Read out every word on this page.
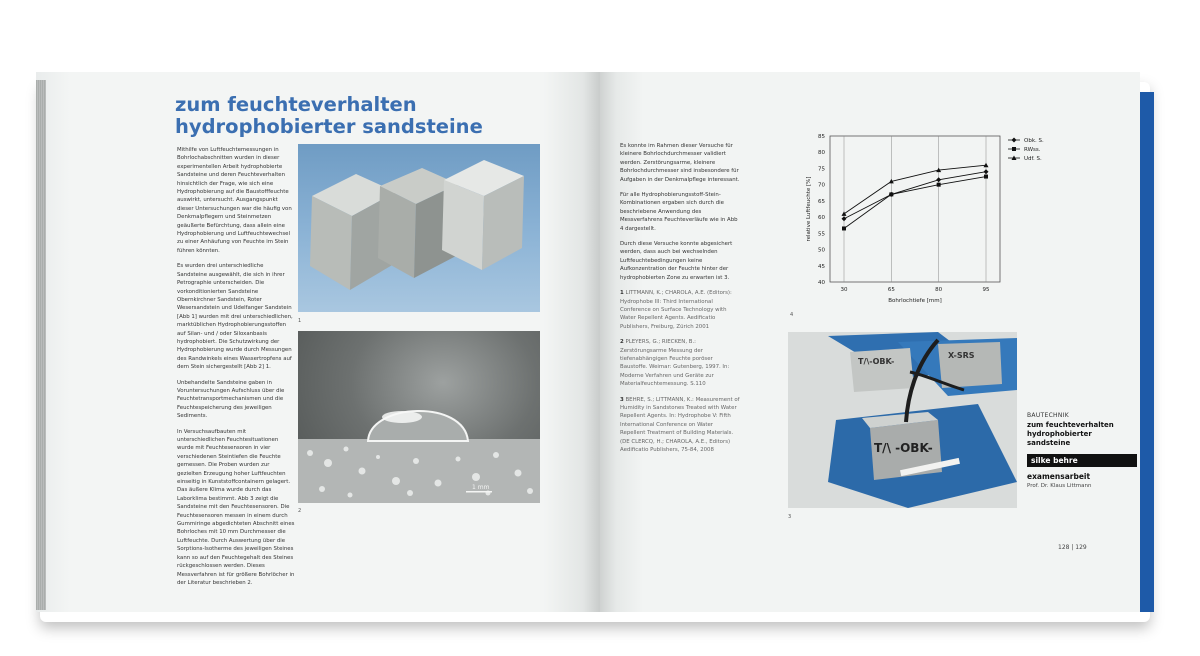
zum feuchteverhalten hydrophobierter sandsteine

Mithilfe von Luftfeuchtemessungen in Bohrlochabschnitten wurden in dieser experimentellen Arbeit hydrophobierte Sandsteine und deren Feuchteverhalten hinsichtlich der Frage, wie sich eine Hydrophobierung auf die Baustofffeuchte auswirkt, untersucht. Ausgangspunkt dieser Untersuchungen war die häufig von Denkmalpflegern und Steinmetzen geäußerte Befürchtung, dass allein eine Hydrophobierung und Luftfeuchtewechsel zu einer Anhäufung von Feuchte im Stein führen könnten.

Es wurden drei unterschiedliche Sandsteine ausgewählt, die sich in ihrer Petrographie unterscheiden. Die vorkonditionierten Sandsteine Obernkirchner Sandstein, Roter Wesersandstein und Udelfanger Sandstein [Abb 1] wurden mit drei unterschiedlichen, marktüblichen Hydrophobierungsstoffen auf Silan- und / oder Siloxanbasis hydrophobiert. Die Schutzwirkung der Hydrophobierung wurde durch Messungen des Randwinkels eines Wassertropfens auf dem Stein sichergestellt [Abb 2] 1.

Unbehandelte Sandsteine gaben in Voruntersuchungen Aufschluss über die Feuchtetransportmechanismen und die Feuchtespeicherung des jeweiligen Sediments.

In Versuchsaufbauten mit unterschiedlichen Feuchtesituationen wurde mit Feuchtesensoren in vier verschiedenen Steintiefen die Feuchte gemessen. Die Proben wurden zur gezielten Erzeugung hoher Luftfeuchten einseitig in Kunststoffcontainern gelagert. Das äußere Klima wurde durch das Laborklima bestimmt. Abb 3 zeigt die Sandsteine mit den Feuchtesensoren. Die Feuchtesensoren messen in einem durch Gummiringe abgedichteten Abschnitt eines Bohrloches mit 10 mm Durchmesser die Luftfeuchte. Durch Auswertung über die Sorptions-Isotherme des jeweiligen Steines kann so auf den Feuchtegehalt des Steines rückgeschlossen werden. Dieses Messverfahren ist für größere Bohrlöcher in der Literatur beschrieben 2.

1
1 mm
2

Es konnte im Rahmen dieser Versuche für kleinere Bohrlochdurchmesser validiert werden. Zerstörungsarme, kleinere Bohrlochdurchmesser sind insbesondere für Aufgaben in der Denkmalpflege interessant.

Für alle Hydrophobierungsstoff-Stein-Kombinationen ergaben sich durch die beschriebene Anwendung des Messverfahrens Feuchteverläufe wie in Abb 4 dargestellt.

Durch diese Versuche konnte abgesichert werden, dass auch bei wechselnden Luftfeuchtebedingungen keine Aufkonzentration der Feuchte hinter der hydrophobierten Zone zu erwarten ist 3.

1 LITTMANN, K.; CHAROLA, A.E. (Editors): Hydrophobe III: Third International Conference on Surface Technology with Water Repellent Agents. Aedificatio Publishers, Freiburg, Zürich 2001

2 PLEYERS, G.; RIECKEN, B.: Zerstörungsarme Messung der tiefenabhängigen Feuchte poröser Baustoffe. Weimar: Gutenberg, 1997. In: Moderne Verfahren und Geräte zur Materialfeuchtemessung. S.110

3 BEHRE, S.; LITTMANN, K.: Measurement of Humidity in Sandstones Treated with Water Repellent Agents. In: Hydrophobe V: Fifth International Conference on Water Repellent Treatment of Building Materials. (DE CLERCQ, H.; CHAROLA, A.E., Editors) Aedificatio Publishers, 75-84, 2008

30	65	80	95
40
45
50
55
60
65
70
75
80
85
Bohrlochtiefe [mm]
relative Luftfeuchte [%]
Obk. S.
RWss.
Udf. S.
4
T/\ -OBK-
T/\-OBK-
X-SRS
3
BAUTECHNIK
zum feuchteverhalten hydrophobierter sandsteine
silke behre
examensarbeit
Prof. Dr. Klaus Littmann
128 | 129
